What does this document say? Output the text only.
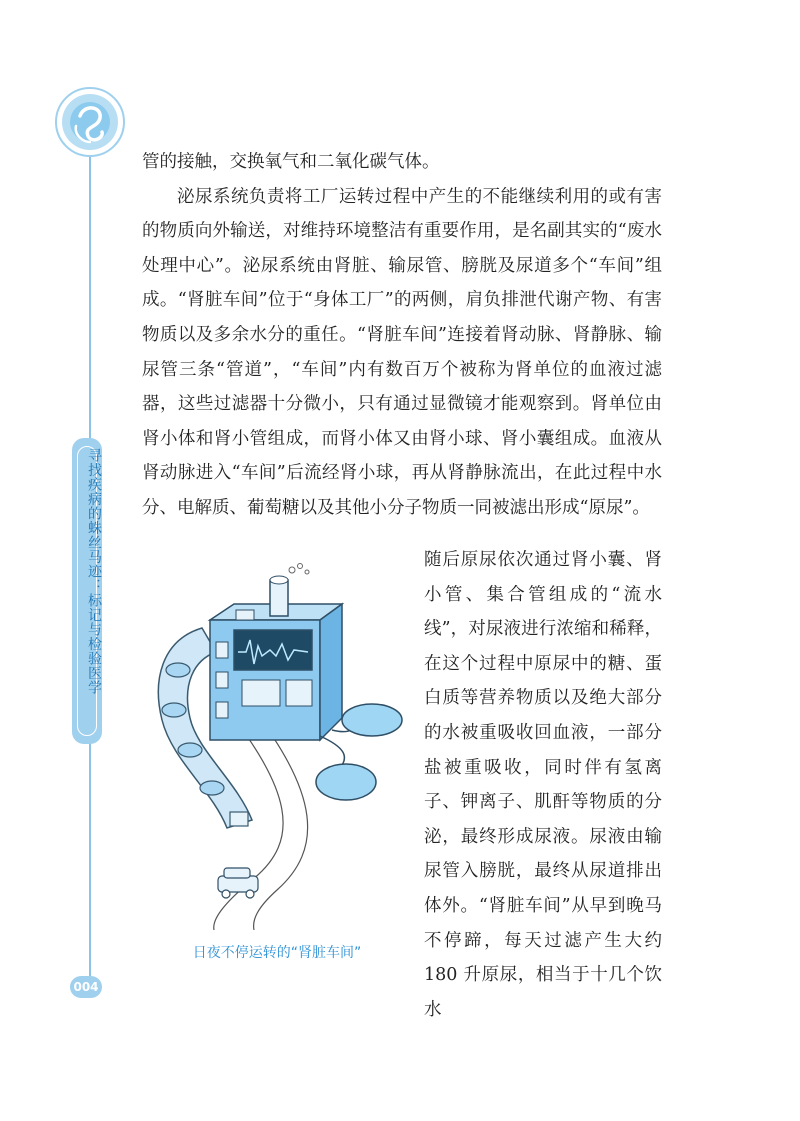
寻找疾病的蛛丝马迹：标记与检验医学
004

管的接触，交换氧气和二氧化碳气体。

泌尿系统负责将工厂运转过程中产生的不能继续利用的或有害的物质向外输送，对维持环境整洁有重要作用，是名副其实的“废水处理中心”。泌尿系统由肾脏、输尿管、膀胱及尿道多个“车间”组成。“肾脏车间”位于“身体工厂”的两侧，肩负排泄代谢产物、有害物质以及多余水分的重任。“肾脏车间”连接着肾动脉、肾静脉、输尿管三条“管道”，“车间”内有数百万个被称为肾单位的血液过滤器，这些过滤器十分微小，只有通过显微镜才能观察到。肾单位由肾小体和肾小管组成，而肾小体又由肾小球、肾小囊组成。血液从肾动脉进入“车间”后流经肾小球，再从肾静脉流出，在此过程中水分、电解质、葡萄糖以及其他小分子物质一同被滤出形成“原尿”。

日夜不停运转的“肾脏车间”

随后原尿依次通过肾小囊、肾小管、集合管组成的“流水线”，对尿液进行浓缩和稀释，在这个过程中原尿中的糖、蛋白质等营养物质以及绝大部分的水被重吸收回血液，一部分盐被重吸收，同时伴有氢离子、钾离子、肌酐等物质的分泌，最终形成尿液。尿液由输尿管入膀胱，最终从尿道排出体外。“肾脏车间”从早到晚马不停蹄，每天过滤产生大约 180 升原尿，相当于十几个饮水
